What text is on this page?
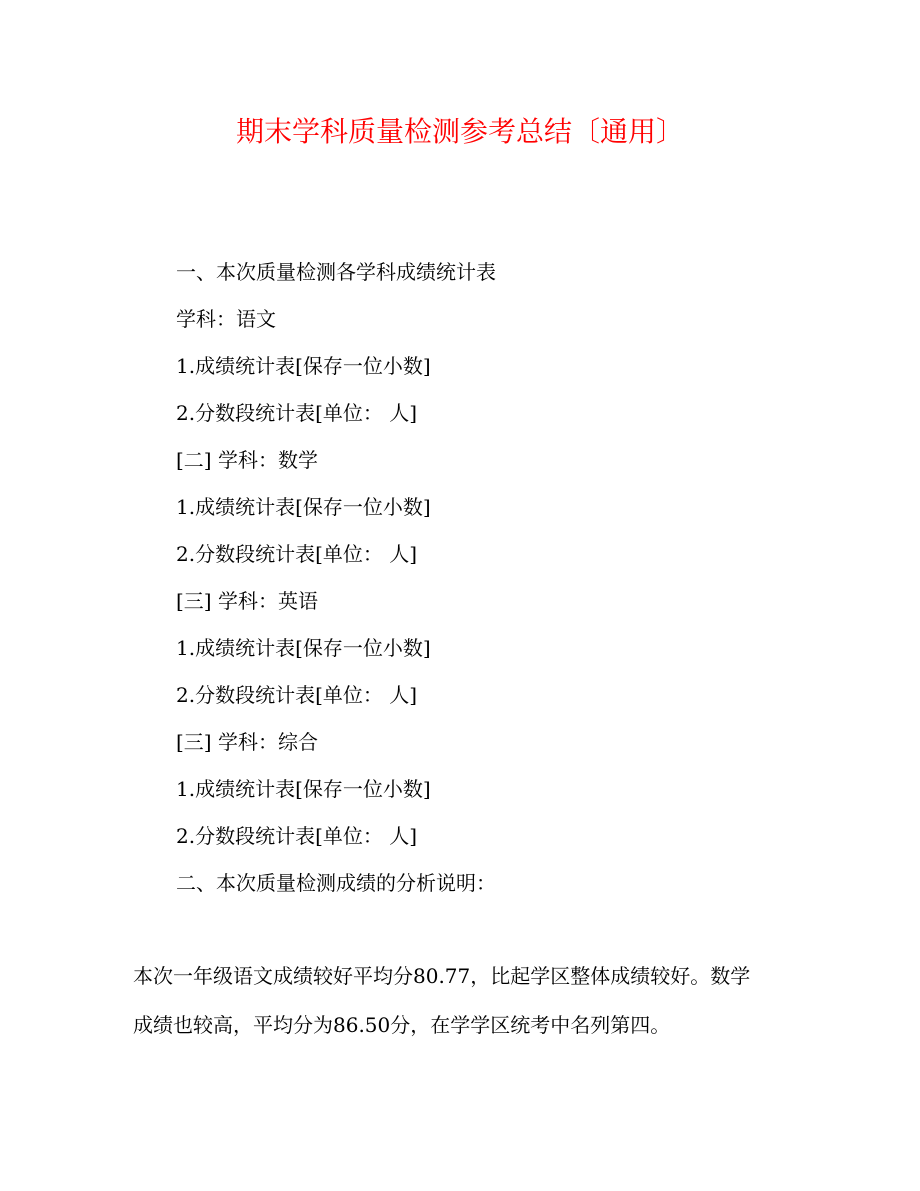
期末学科质量检测参考总结〔通用〕
一、本次质量检测各学科成绩统计表
学科：语文
1.成绩统计表[保存一位小数]
2.分数段统计表[单位： 人]
[二] 学科：数学
1.成绩统计表[保存一位小数]
2.分数段统计表[单位： 人]
[三] 学科：英语
1.成绩统计表[保存一位小数]
2.分数段统计表[单位： 人]
[三] 学科：综合
1.成绩统计表[保存一位小数]
2.分数段统计表[单位： 人]
二、本次质量检测成绩的分析说明：
本次一年级语文成绩较好平均分80.77，比起学区整体成绩较好。数学
成绩也较高，平均分为86.50分，在学学区统考中名列第四。
